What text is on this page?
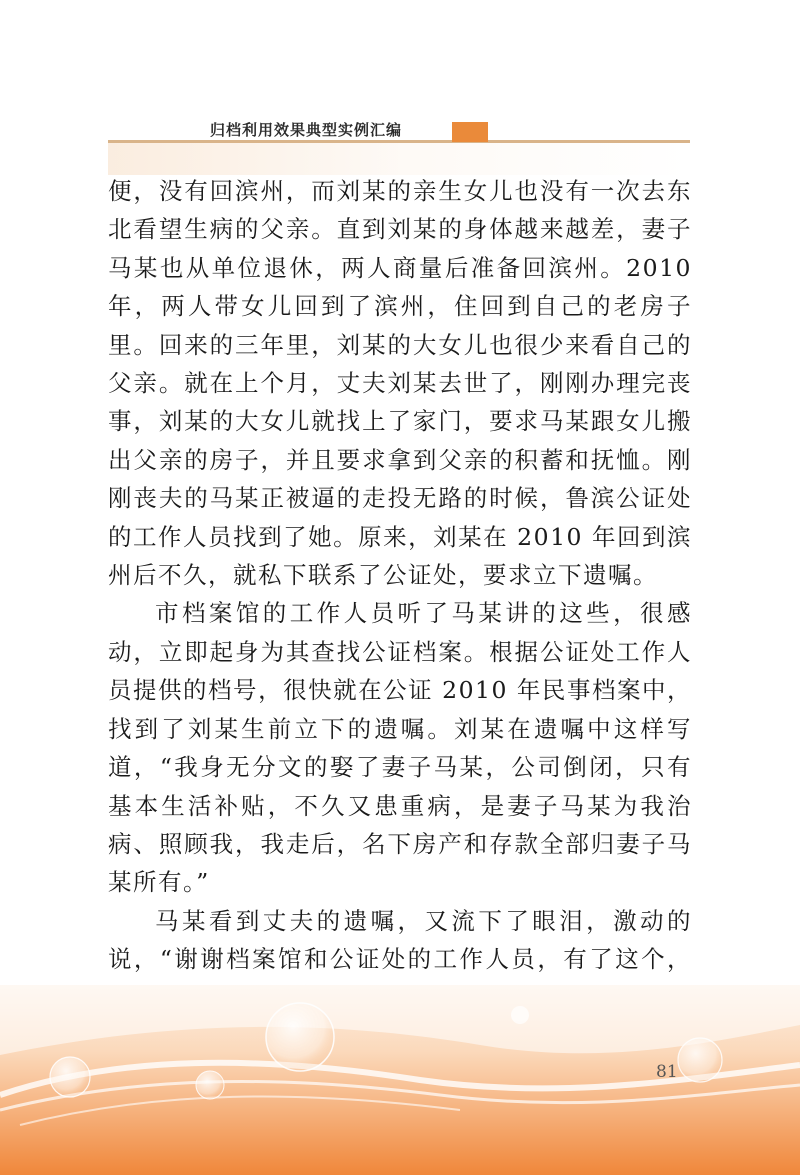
归档利用效果典型实例汇编

便，没有回滨州，而刘某的亲生女儿也没有一次去东北看望生病的父亲。直到刘某的身体越来越差，妻子马某也从单位退休，两人商量后准备回滨州。2010 年，两人带女儿回到了滨州，住回到自己的老房子里。回来的三年里，刘某的大女儿也很少来看自己的父亲。就在上个月，丈夫刘某去世了，刚刚办理完丧事，刘某的大女儿就找上了家门，要求马某跟女儿搬出父亲的房子，并且要求拿到父亲的积蓄和抚恤。刚刚丧夫的马某正被逼的走投无路的时候，鲁滨公证处的工作人员找到了她。原来，刘某在 2010 年回到滨州后不久，就私下联系了公证处，要求立下遗嘱。

市档案馆的工作人员听了马某讲的这些，很感动，立即起身为其查找公证档案。根据公证处工作人员提供的档号，很快就在公证 2010 年民事档案中，找到了刘某生前立下的遗嘱。刘某在遗嘱中这样写道，“我身无分文的娶了妻子马某，公司倒闭，只有基本生活补贴，不久又患重病，是妻子马某为我治病、照顾我，我走后，名下房产和存款全部归妻子马某所有。”

马某看到丈夫的遗嘱，又流下了眼泪，激动的说，“谢谢档案馆和公证处的工作人员，有了这个，

81
